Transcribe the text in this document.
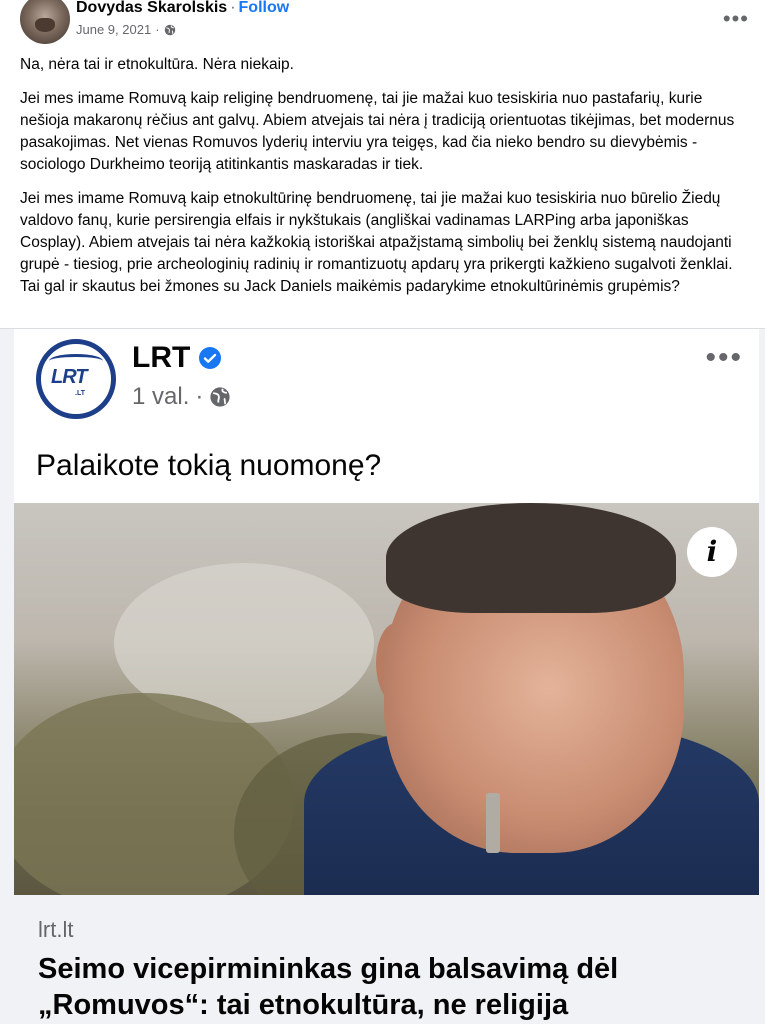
Dovydas Skarolskis · Follow
June 9, 2021 ·	•••

Na, nėra tai ir etnokultūra. Nėra niekaip.

Jei mes imame Romuvą kaip religinę bendruomenę, tai jie mažai kuo tesiskiria nuo pastafarių, kurie nešioja makaronų rėčius ant galvų. Abiem atvejais tai nėra į tradiciją orientuotas tikėjimas, bet modernus pasakojimas. Net vienas Romuvos lyderių interviu yra teigęs, kad čia nieko bendro su dievybėmis - sociologo Durkheimo teoriją atitinkantis maskaradas ir tiek.

Jei mes imame Romuvą kaip etnokultūrinę bendruomenę, tai jie mažai kuo tesiskiria nuo būrelio Žiedų valdovo fanų, kurie persirengia elfais ir nykštukais (angliškai vadinamas LARPing arba japoniškas Cosplay). Abiem atvejais tai nėra kažkokią istoriškai atpažįstamą simbolių bei ženklų sistemą naudojanti grupė - tiesiog, prie archeologinių radinių ir romantizuotų apdarų yra prikergti kažkieno sugalvoti ženklai. Tai gal ir skautus bei žmones su Jack Daniels maikėmis padarykime etnokultūrinėmis grupėmis?

LRT
.LT
LRT
1 val. ·
•••
Palaikote tokią nuomonę?
i
lrt.lt
Seimo vicepirmininkas gina balsavimą dėl „Romuvos“: tai etnokultūra, ne religija
